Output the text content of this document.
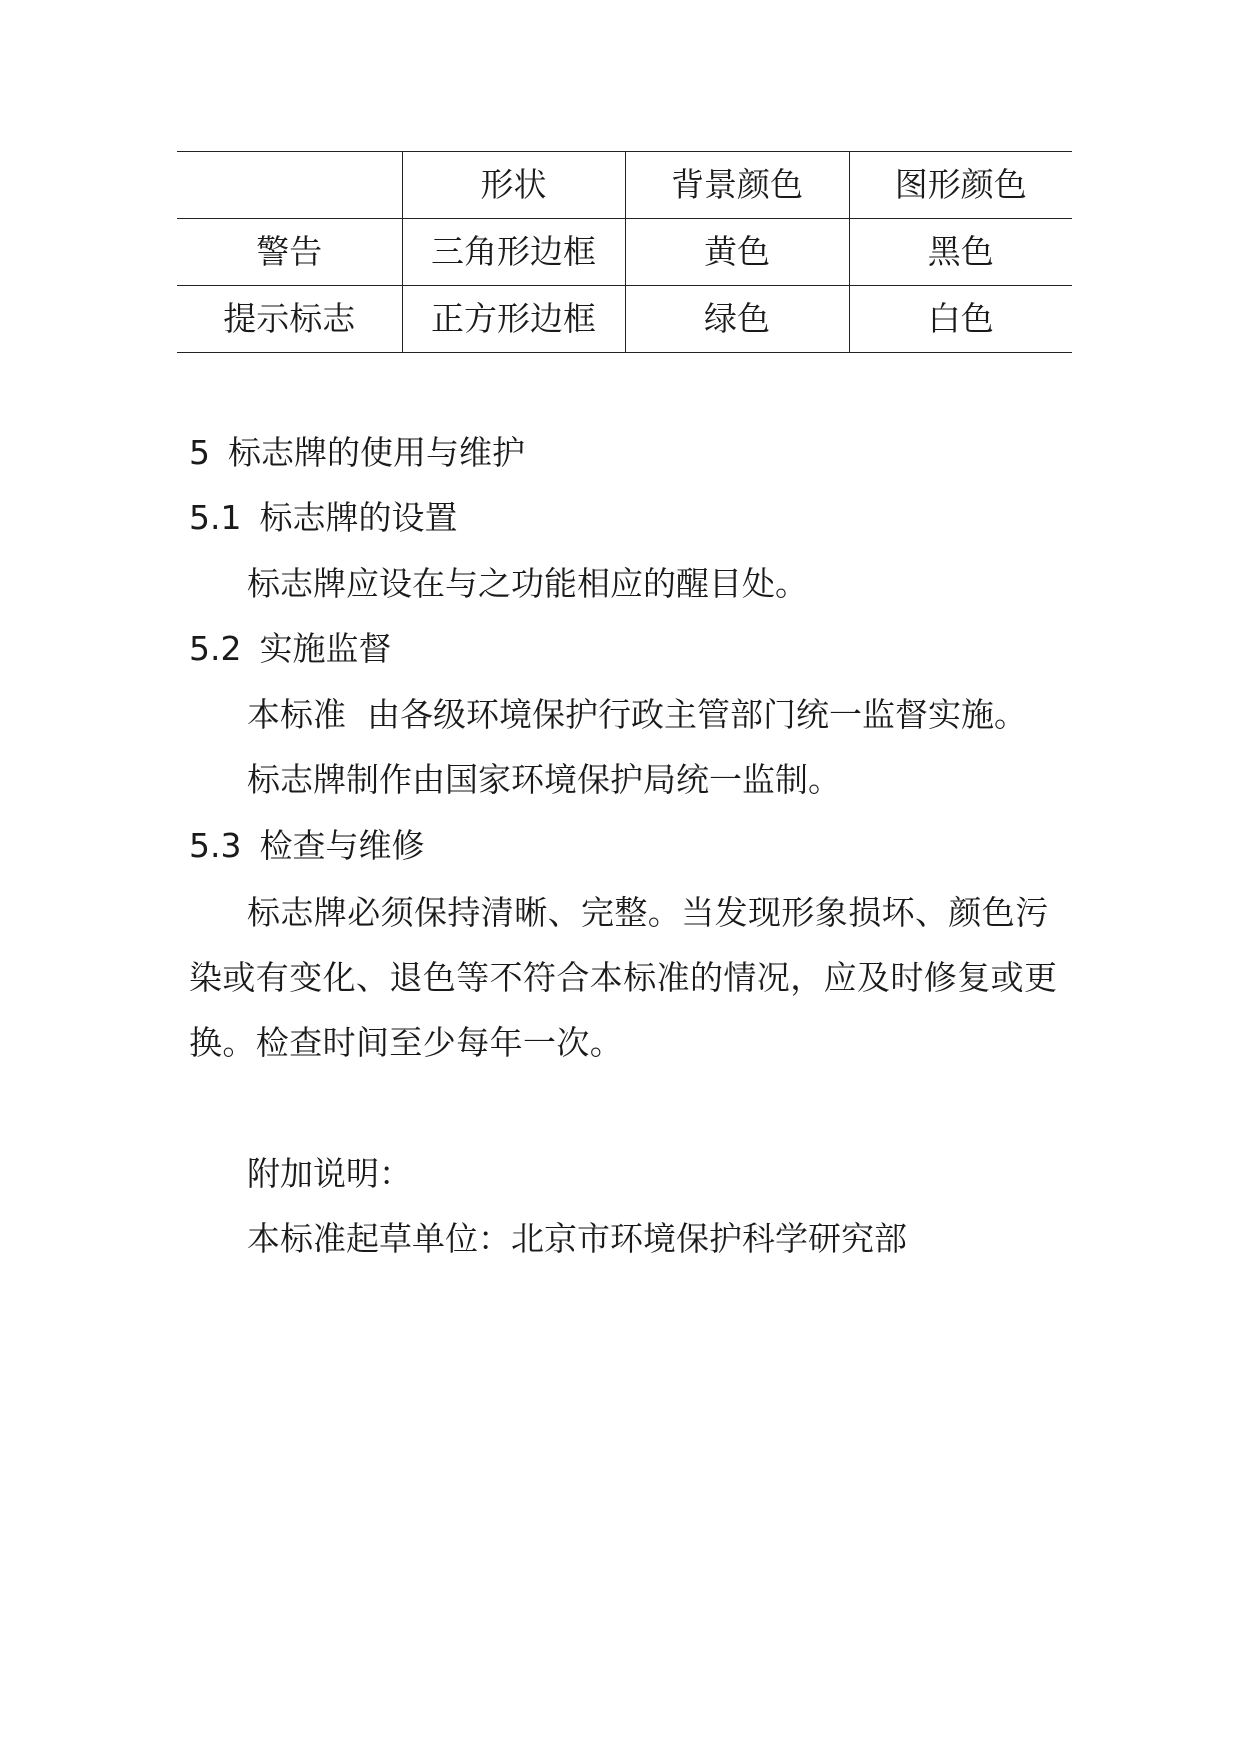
	形状	背景颜色	图形颜色
警告	三角形边框	黄色	黑色
提示标志	正方形边框	绿色	白色
5 标志牌的使用与维护
5.1 标志牌的设置
标志牌应设在与之功能相应的醒目处。
5.2 实施监督
本标准  由各级环境保护行政主管部门统一监督实施。
标志牌制作由国家环境保护局统一监制。
5.3 检查与维修
标志牌必须保持清晰、完整。当发现形象损坏、颜色污染或有变化、退色等不符合本标准的情况，应及时修复或更换。检查时间至少每年一次。
附加说明：
本标准起草单位：北京市环境保护科学研究部
